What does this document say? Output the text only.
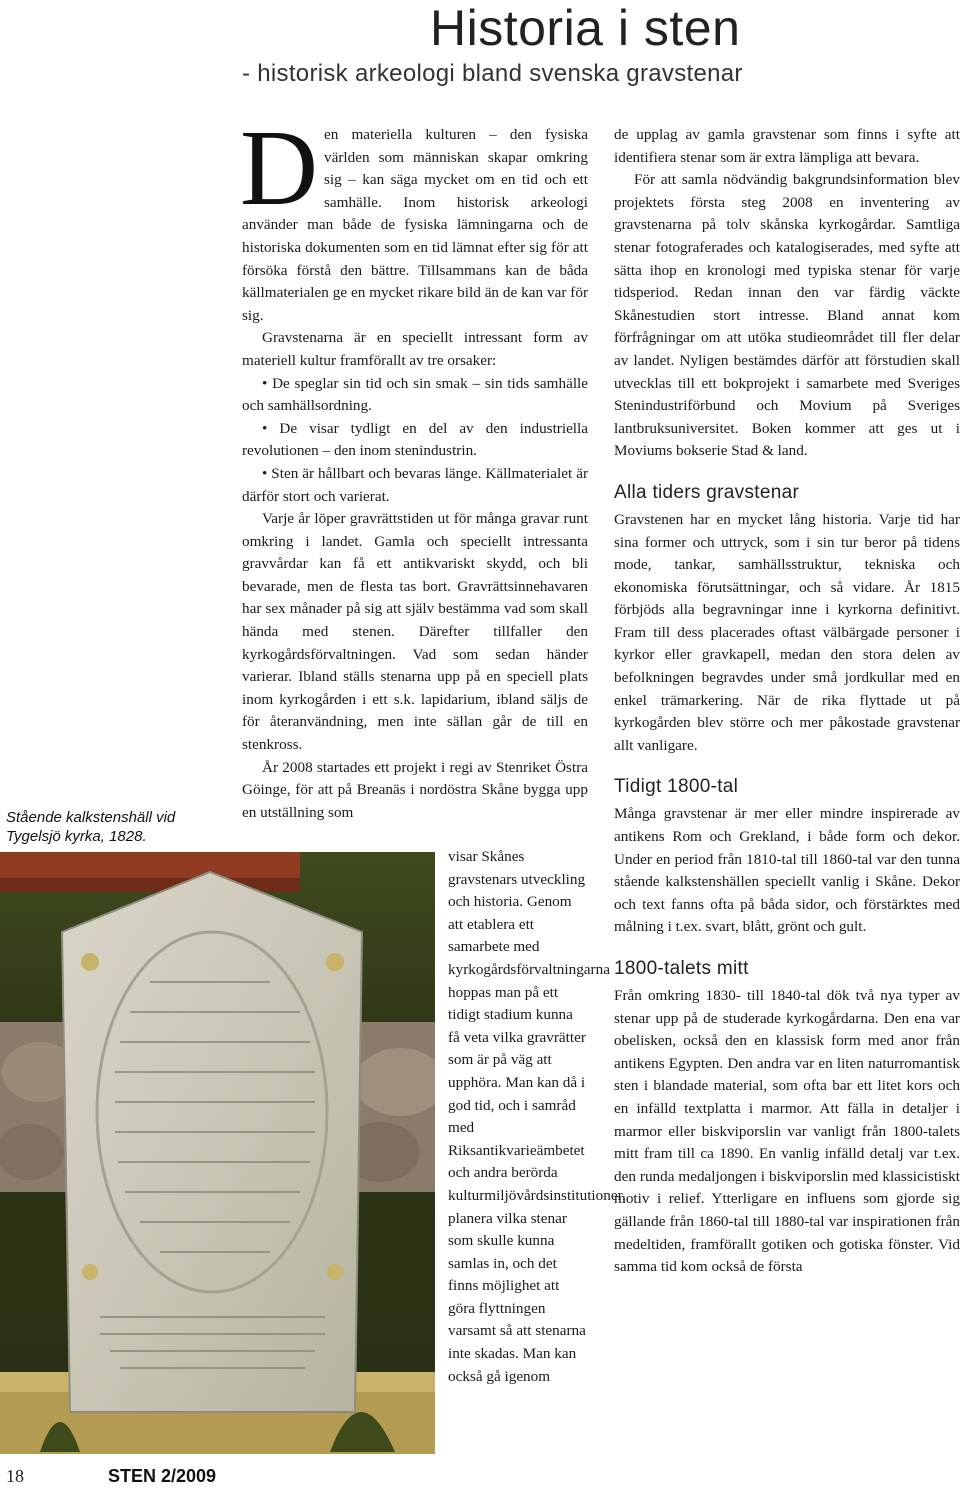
Historia i sten
- historisk arkeologi bland svenska gravstenar
Stående kalkstenshäll vid Tygelsjö kyrka, 1828.
D en materiella kulturen – den fysiska världen som människan skapar omkring sig – kan säga mycket om en tid och ett samhälle. Inom historisk arkeologi använder man både de fysiska lämningarna och de historiska dokumenten som en tid lämnat efter sig för att försöka förstå den bättre. Tillsammans kan de båda källmaterialen ge en mycket rikare bild än de kan var för sig.

Gravstenarna är en speciellt intressant form av materiell kultur framförallt av tre orsaker:

• De speglar sin tid och sin smak – sin tids samhälle och samhällsordning.

• De visar tydligt en del av den industriella revolutionen – den inom stenindustrin.

• Sten är hållbart och bevaras länge. Källmaterialet är därför stort och varierat.

Varje år löper gravrättstiden ut för många gravar runt omkring i landet. Gamla och speciellt intressanta gravvårdar kan få ett antikvariskt skydd, och bli bevarade, men de flesta tas bort. Gravrättsinnehavaren har sex månader på sig att själv bestämma vad som skall hända med stenen. Därefter tillfaller den kyrkogårdsförvaltningen. Vad som sedan händer varierar. Ibland ställs stenarna upp på en speciell plats inom kyrkogården i ett s.k. lapidarium, ibland säljs de för återanvändning, men inte sällan går de till en stenkross.

År 2008 startades ett projekt i regi av Stenriket Östra Göinge, för att på Breanäs i nordöstra Skåne bygga upp en utställning som

visar Skånes gravstenars utveckling och historia. Genom att etablera ett samarbete med kyrkogårdsförvaltningarna hoppas man på ett tidigt stadium kunna få veta vilka gravrätter som är på väg att upphöra. Man kan då i god tid, och i samråd med Riksantikvarieämbetet och andra berörda kulturmiljövårdsinstitutioner, planera vilka stenar som skulle kunna samlas in, och det finns möjlighet att göra flyttningen varsamt så att stenarna inte skadas. Man kan också gå igenom

de upplag av gamla gravstenar som finns i syfte att identifiera stenar som är extra lämpliga att bevara.

För att samla nödvändig bakgrundsinformation blev projektets första steg 2008 en inventering av gravstenarna på tolv skånska kyrkogårdar. Samtliga stenar fotograferades och katalogiserades, med syfte att sätta ihop en kronologi med typiska stenar för varje tidsperiod. Redan innan den var färdig väckte Skånestudien stort intresse. Bland annat kom förfrågningar om att utöka studieområdet till fler delar av landet. Nyligen bestämdes därför att förstudien skall utvecklas till ett bokprojekt i samarbete med Sveriges Stenindustriförbund och Movium på Sveriges lantbruksuniversitet. Boken kommer att ges ut i Moviums bokserie Stad & land.

Alla tiders gravstenar

Gravstenen har en mycket lång historia. Varje tid har sina former och uttryck, som i sin tur beror på tidens mode, tankar, samhällsstruktur, tekniska och ekonomiska förutsättningar, och så vidare. År 1815 förbjöds alla begravningar inne i kyrkorna definitivt. Fram till dess placerades oftast välbärgade personer i kyrkor eller gravkapell, medan den stora delen av befolkningen begravdes under små jordkullar med en enkel trämarkering. När de rika flyttade ut på kyrkogården blev större och mer påkostade gravstenar allt vanligare.

Tidigt 1800-tal

Många gravstenar är mer eller mindre inspirerade av antikens Rom och Grekland, i både form och dekor. Under en period från 1810-tal till 1860-tal var den tunna stående kalkstenshällen speciellt vanlig i Skåne. Dekor och text fanns ofta på båda sidor, och förstärktes med målning i t.ex. svart, blått, grönt och gult.

1800-talets mitt

Från omkring 1830- till 1840-tal dök två nya typer av stenar upp på de studerade kyrkogårdarna. Den ena var obelisken, också den en klassisk form med anor från antikens Egypten. Den andra var en liten naturromantisk sten i blandade material, som ofta bar ett litet kors och en infälld textplatta i marmor. Att fälla in detaljer i marmor eller biskviporslin var vanligt från 1800-talets mitt fram till ca 1890. En vanlig infälld detalj var t.ex. den runda medaljongen i biskviporslin med klassicistiskt motiv i relief. Ytterligare en influens som gjorde sig gällande från 1860-tal till 1880-tal var inspirationen från medeltiden, framförallt gotiken och gotiska fönster. Vid samma tid kom också de första

18	STEN 2/2009
